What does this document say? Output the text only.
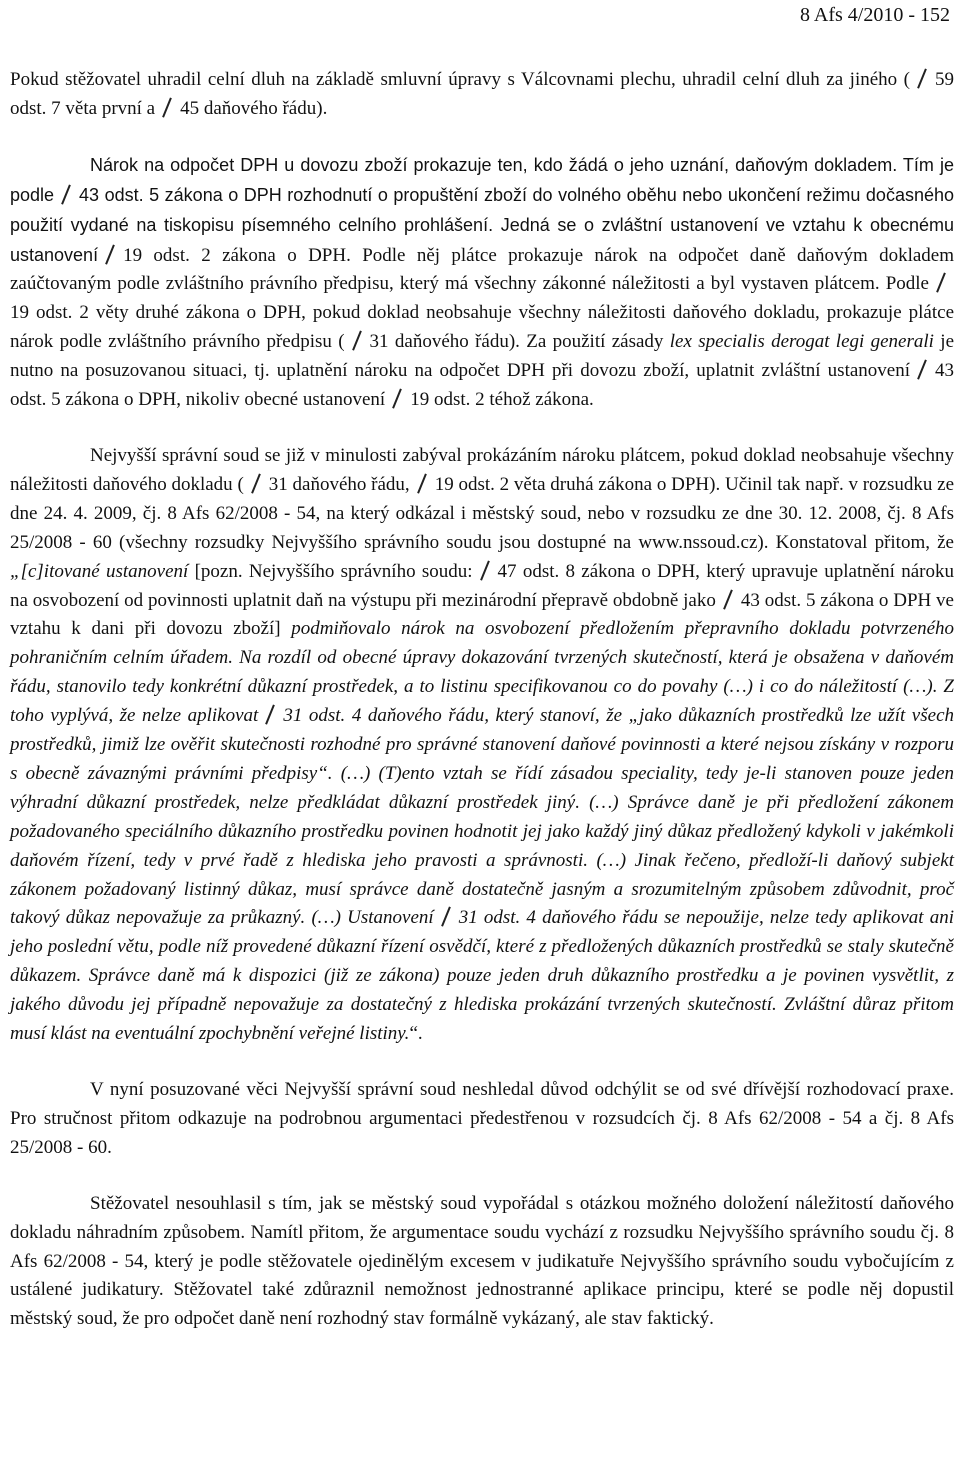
8 Afs 4/2010 - 152

Pokud stěžovatel uhradil celní dluh na základě smluvní úpravy s Válcovnami plechu, uhradil celní dluh za jiného ( 59 odst. 7 věta první a 45 daňového řádu).

Nárok na odpočet DPH u dovozu zboží prokazuje ten, kdo žádá o jeho uznání, daňovým dokladem. Tím je podle 43 odst. 5 zákona o DPH rozhodnutí o propuštění zboží do volného oběhu nebo ukončení režimu dočasného použití vydané na tiskopisu písemného celního prohlášení. Jedná se o zvláštní ustanovení ve vztahu k obecnému ustanovení 19 odst. 2 zákona o DPH. Podle něj plátce prokazuje nárok na odpočet daně daňovým dokladem zaúčtovaným podle zvláštního právního předpisu, který má všechny zákonné náležitosti a byl vystaven plátcem. Podle19 odst. 2 věty druhé zákona o DPH, pokud doklad neobsahuje všechny náležitosti daňového dokladu, prokazuje plátce nárok podle zvláštního právního předpisu ( 31 daňového řádu). Za použití zásady lex specialis derogat legi generali je nutno na posuzovanou situaci, tj. uplatnění nároku na odpočet DPH při dovozu zboží, uplatnit zvláštní ustanovení 43 odst. 5 zákona o DPH, nikoliv obecné ustanovení 19 odst. 2 téhož zákona.

Nejvyšší správní soud se již v minulosti zabýval prokázáním nároku plátcem, pokud doklad neobsahuje všechny náležitosti daňového dokladu ( 31 daňového řádu, 19 odst. 2 věta druhá zákona o DPH). Učinil tak např. v rozsudku ze dne 24. 4. 2009, čj. 8 Afs 62/2008 - 54, na který odkázal i městský soud, nebo v rozsudku ze dne 30. 12. 2008, čj. 8 Afs 25/2008 - 60 (všechny rozsudky Nejvyššího správního soudu jsou dostupné na www.nssoud.cz). Konstatoval přitom, že „[c]itované ustanovení [pozn. Nejvyššího správního soudu: 47 odst. 8 zákona o DPH, který upravuje uplatnění nároku na osvobození od povinnosti uplatnit daň na výstupu při mezinárodní přepravě obdobně jako 43 odst. 5 zákona o DPH ve vztahu k dani při dovozu zboží] podmiňovalo nárok na osvobození předložením přepravního dokladu potvrzeného pohraničním celním úřadem. Na rozdíl od obecné úpravy dokazování tvrzených skutečností, která je obsažena v daňovém řádu, stanovilo tedy konkrétní důkazní prostředek, a to listinu specifikovanou co do povahy (…) i co do náležitostí (…). Z toho vyplývá, že nelze aplikovat 31 odst. 4 daňového řádu, který stanoví, že „jako důkazních prostředků lze užít všech prostředků, jimiž lze ověřit skutečnosti rozhodné pro správné stanovení daňové povinnosti a které nejsou získány v rozporu s obecně závaznými právními předpisy“. (…) (T)ento vztah se řídí zásadou speciality, tedy je-li stanoven pouze jeden výhradní důkazní prostředek, nelze předkládat důkazní prostředek jiný. (…) Správce daně je při předložení zákonem požadovaného speciálního důkazního prostředku povinen hodnotit jej jako každý jiný důkaz předložený kdykoli v jakémkoli daňovém řízení, tedy v prvé řadě z hlediska jeho pravosti a správnosti. (…) Jinak řečeno, předloží-li daňový subjekt zákonem požadovaný listinný důkaz, musí správce daně dostatečně jasným a srozumitelným způsobem zdůvodnit, proč takový důkaz nepovažuje za průkazný. (…) Ustanovení 31 odst. 4 daňového řádu se nepoužije, nelze tedy aplikovat ani jeho poslední větu, podle níž provedené důkazní řízení osvědčí, které z předložených důkazních prostředků se staly skutečně důkazem. Správce daně má k dispozici (již ze zákona) pouze jeden druh důkazního prostředku a je povinen vysvětlit, z jakého důvodu jej případně nepovažuje za dostatečný z hlediska prokázání tvrzených skutečností. Zvláštní důraz přitom musí klást na eventuální zpochybnění veřejné listiny.“.

V nyní posuzované věci Nejvyšší správní soud neshledal důvod odchýlit se od své dřívější rozhodovací praxe. Pro stručnost přitom odkazuje na podrobnou argumentaci předestřenou v rozsudcích čj. 8 Afs 62/2008 - 54 a čj. 8 Afs 25/2008 - 60.

Stěžovatel nesouhlasil s tím, jak se městský soud vypořádal s otázkou možného doložení náležitostí daňového dokladu náhradním způsobem. Namítl přitom, že argumentace soudu vychází z rozsudku Nejvyššího správního soudu čj. 8 Afs 62/2008 - 54, který je podle stěžovatele ojedinělým excesem v judikatuře Nejvyššího správního soudu vybočujícím z ustálené judikatury. Stěžovatel také zdůraznil nemožnost jednostranné aplikace principu, které se podle něj dopustil městský soud, že pro odpočet daně není rozhodný stav formálně vykázaný, ale stav faktický.
